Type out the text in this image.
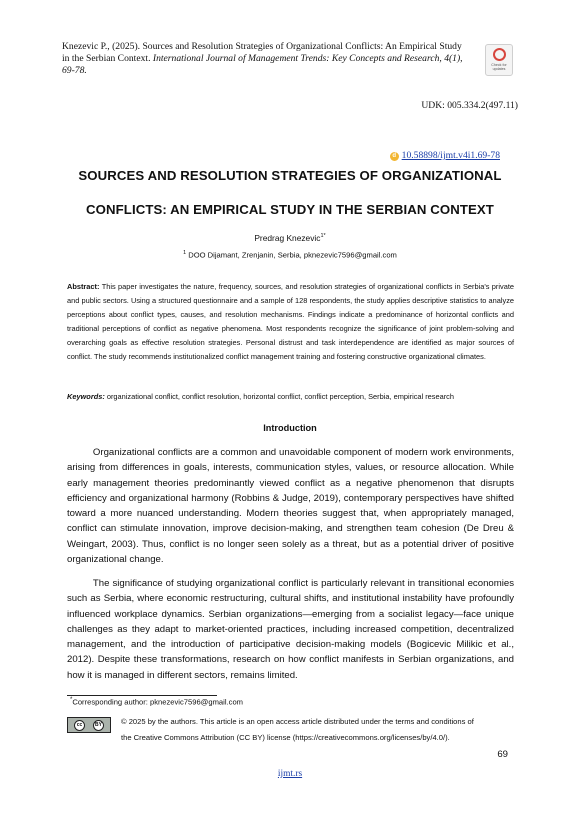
Knezevic P., (2025). Sources and Resolution Strategies of Organizational Conflicts: An Empirical Study in the Serbian Context. International Journal of Management Trends: Key Concepts and Research, 4(1), 69-78.	Check for updates
UDK: 005.334.2(497.11)
d 10.58898/ijmt.v4i1.69-78
SOURCES AND RESOLUTION STRATEGIES OF ORGANIZATIONAL
CONFLICTS: AN EMPIRICAL STUDY IN THE SERBIAN CONTEXT
Predrag Knezevic$^{1*}$
$^1$ DOO Dijamant, Zrenjanin, Serbia, pknezevic7596@gmail.com
Abstract: This paper investigates the nature, frequency, sources, and resolution strategies of organizational conflicts in Serbia's private and public sectors. Using a structured questionnaire and a sample of 128 respondents, the study applies descriptive statistics to analyze perceptions about conflict types, causes, and resolution mechanisms. Findings indicate a predominance of horizontal conflicts and traditional perceptions of conflict as negative phenomena. Most respondents recognize the significance of joint problem-solving and overarching goals as effective resolution strategies. Personal distrust and task interdependence are identified as major sources of conflict. The study recommends institutionalized conflict management training and fostering constructive organizational climates.
Keywords: organizational conflict, conflict resolution, horizontal conflict, conflict perception, Serbia, empirical research
Introduction

Organizational conflicts are a common and unavoidable component of modern work environments, arising from differences in goals, interests, communication styles, values, or resource allocation. While early management theories predominantly viewed conflict as a negative phenomenon that disrupts efficiency and organizational harmony (Robbins & Judge, 2019), contemporary perspectives have shifted toward a more nuanced understanding. Modern theories suggest that, when appropriately managed, conflict can stimulate innovation, improve decision-making, and strengthen team cohesion (De Dreu & Weingart, 2003). Thus, conflict is no longer seen solely as a threat, but as a potential driver of positive organizational change.

The significance of studying organizational conflict is particularly relevant in transitional economies such as Serbia, where economic restructuring, cultural shifts, and institutional instability have profoundly influenced workplace dynamics. Serbian organizations—emerging from a socialist legacy—face unique challenges as they adapt to market-oriented practices, including increased competition, decentralized management, and the introduction of participative decision-making models (Bogicevic Milikic et al., 2012). Despite these transformations, research on how conflict manifests in Serbian organizations, and how it is managed in different sectors, remains limited.

*Corresponding author: pknezevic7596@gmail.com
cc	BY	© 2025 by the authors. This article is an open access article distributed under the terms and conditions of
the Creative Commons Attribution (CC BY) license (https://creativecommons.org/licenses/by/4.0/).
69
ijmt.rs
